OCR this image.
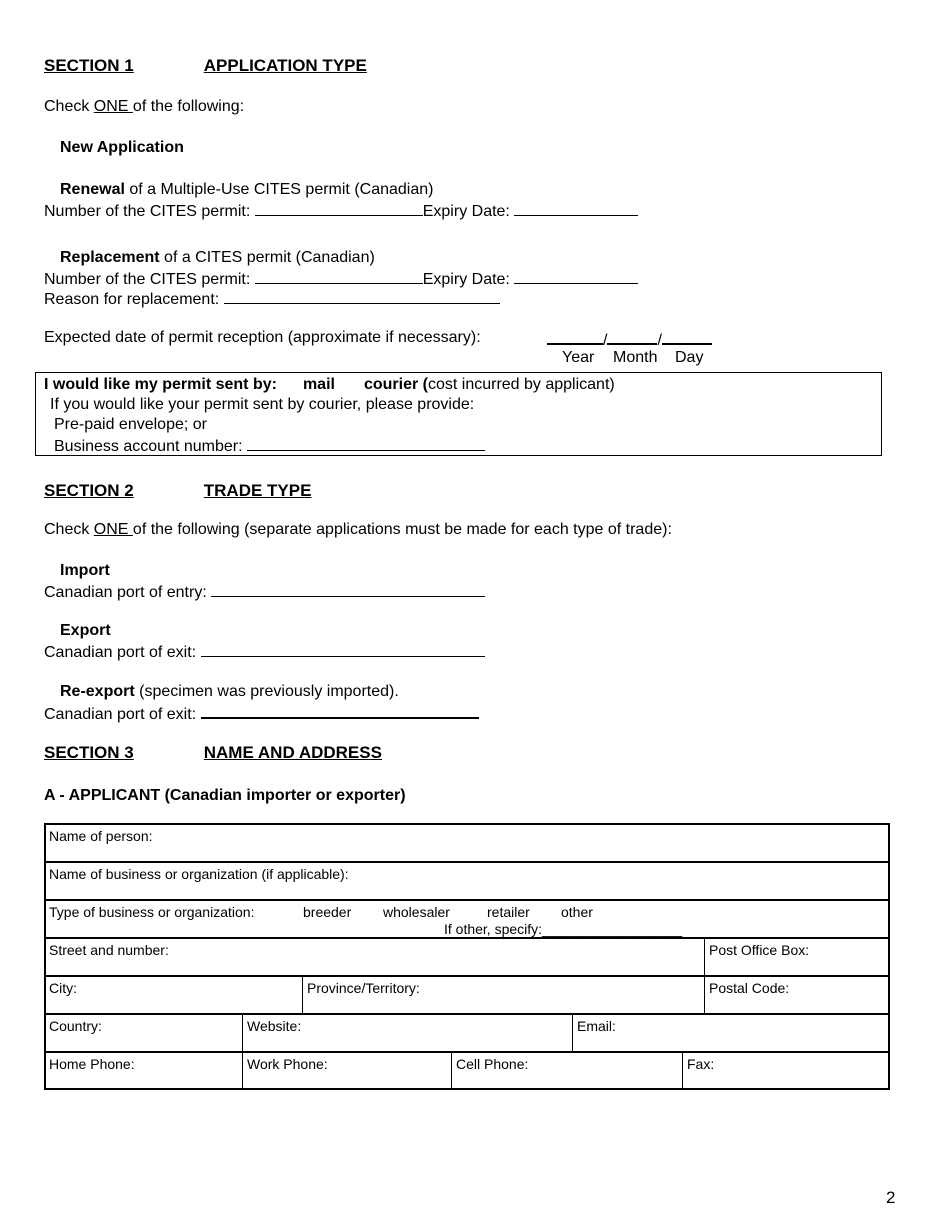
SECTION 1	APPLICATION TYPE
Check ONE of the following:
New Application
Renewal of a Multiple-Use CITES permit (Canadian)
Number of the CITES permit:	Expiry Date:
Replacement of a CITES permit (Canadian)
Number of the CITES permit:	Expiry Date:
Reason for replacement:
Expected date of permit reception (approximate if necessary):	/	/
Year Month Day
I would like my permit sent by: mail courier (cost incurred by applicant)
If you would like your permit sent by courier, please provide:
Pre-paid envelope; or
Business account number:
SECTION 2	TRADE TYPE
Check ONE of the following (separate applications must be made for each type of trade):
Import
Canadian port of entry:
Export
Canadian port of exit:
Re-export (specimen was previously imported).
Canadian port of exit:
SECTION 3	NAME AND ADDRESS
A - APPLICANT (Canadian importer or exporter)
Name of person:
Name of business or organization (if applicable):
Type of business or organization:	breeder wholesaler	retailer other
If other, specify:__________________
Street and number:	Post Office Box:
City:	Province/Territory:	Postal Code:
Country:	Website:	Email:
Home Phone:	Work Phone:	Cell Phone:	Fax:
2
